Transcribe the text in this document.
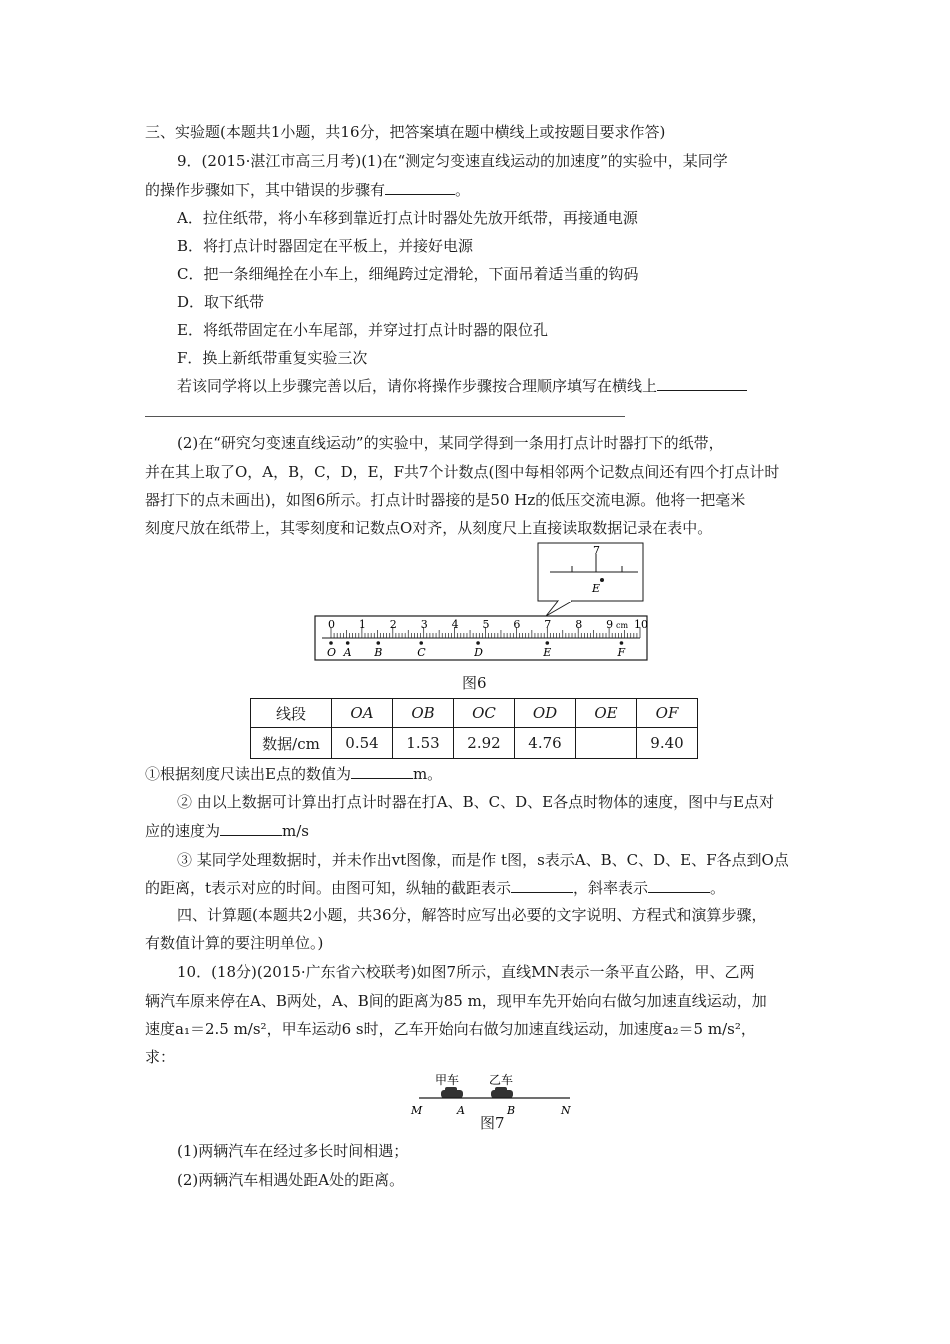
三、实验题(本题共1小题，共16分，把答案填在题中横线上或按题目要求作答)
9．(2015·湛江市高三月考)(1)在“测定匀变速直线运动的加速度”的实验中，某同学
的操作步骤如下，其中错误的步骤有	。
A．拉住纸带，将小车移到靠近打点计时器处先放开纸带，再接通电源
B．将打点计时器固定在平板上，并接好电源
C．把一条细绳拴在小车上，细绳跨过定滑轮，下面吊着适当重的钩码
D．取下纸带
E．将纸带固定在小车尾部，并穿过打点计时器的限位孔
F．换上新纸带重复实验三次
若该同学将以上步骤完善以后，请你将操作步骤按合理顺序填写在横线上
(2)在“研究匀变速直线运动”的实验中，某同学得到一条用打点计时器打下的纸带，
并在其上取了O，A，B，C，D，E，F共7个计数点(图中每相邻两个记数点间还有四个打点计时
器打下的点未画出)，如图6所示。打点计时器接的是50 Hz的低压交流电源。他将一把毫米
刻度尺放在纸带上，其零刻度和记数点O对齐，从刻度尺上直接读取数据记录在表中。
7
E
0 1 2 3 4 5 6 7 8 9 10
cm
O A B	C	D	E	F
图6
线段	OA	OB	OC	OD	OE	OF
数据/cm	0.54	1.53	2.92	4.76		9.40
①根据刻度尺读出E点的数值为	m。
② 由以上数据可计算出打点计时器在打A、B、C、D、E各点时物体的速度，图中与E点对
应的速度为	m/s
③ 某同学处理数据时，并未作出vt图像，而是作 t图，s表示A、B、C、D、E、F各点到O点
的距离，t表示对应的时间。由图可知，纵轴的截距表示	，斜率表示	。
四、计算题(本题共2小题，共36分，解答时应写出必要的文字说明、方程式和演算步骤，
有数值计算的要注明单位。)
10．(18分)(2015·广东省六校联考)如图7所示，直线MN表示一条平直公路，甲、乙两
辆汽车原来停在A、B两处，A、B间的距离为85 m，现甲车先开始向右做匀加速直线运动，加
速度a₁＝2.5 m/s²，甲车运动6 s时，乙车开始向右做匀加速直线运动，加速度a₂＝5 m/s²，
求：
甲车 乙车
M	A	B	N
图7
(1)两辆汽车在经过多长时间相遇；
(2)两辆汽车相遇处距A处的距离。
